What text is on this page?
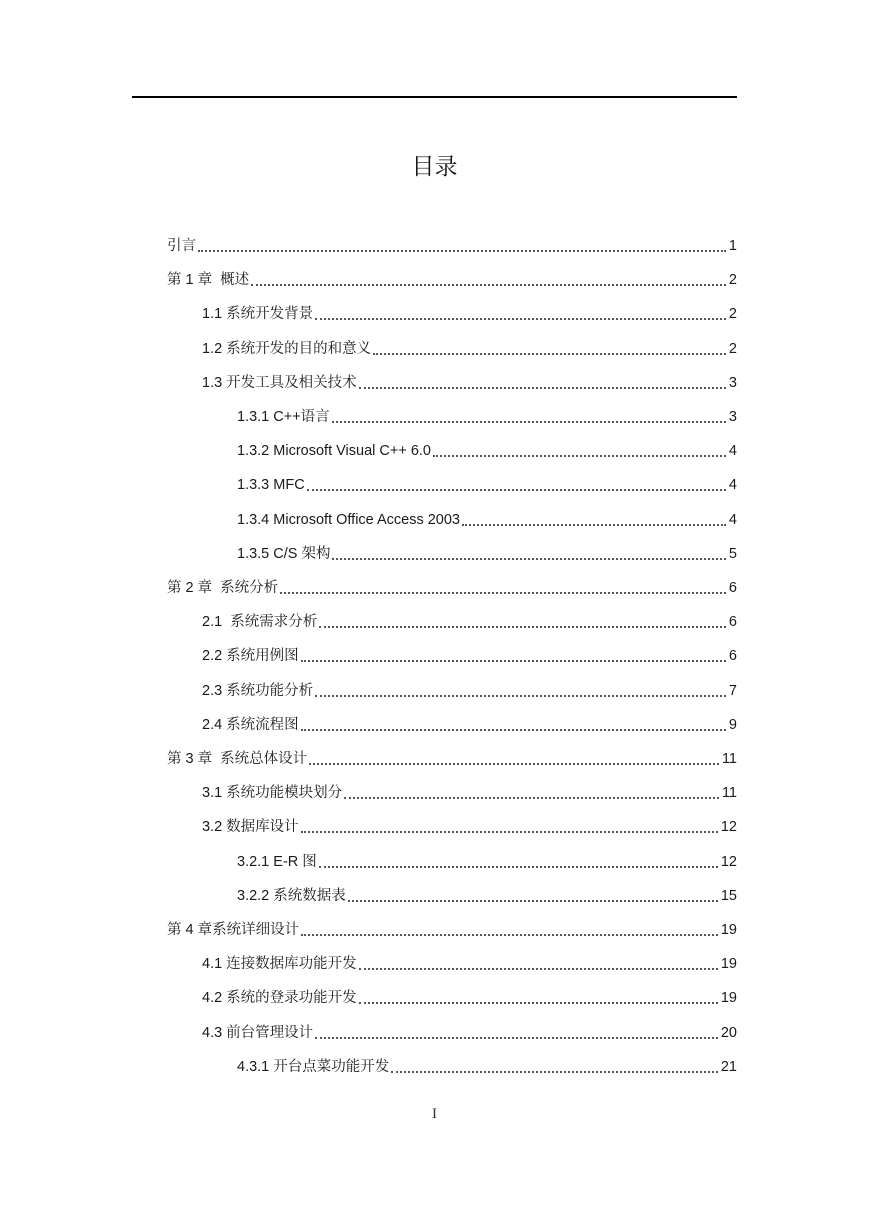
目录
引言	1
第 1 章  概述	2
1.1 系统开发背景	2
1.2 系统开发的目的和意义	2
1.3 开发工具及相关技术	3
1.3.1 C++语言	3
1.3.2 Microsoft Visual C++ 6.0	4
1.3.3 MFC	4
1.3.4 Microsoft Office Access 2003	4
1.3.5 C/S 架构	5
第 2 章  系统分析	6
2.1  系统需求分析	6
2.2 系统用例图	6
2.3 系统功能分析	7
2.4 系统流程图	9
第 3 章  系统总体设计	11
3.1 系统功能模块划分	11
3.2 数据库设计	12
3.2.1 E-R 图	12
3.2.2 系统数据表	15
第 4 章系统详细设计	19
4.1 连接数据库功能开发	19
4.2 系统的登录功能开发	19
4.3 前台管理设计	20
4.3.1 开台点菜功能开发	21
I
